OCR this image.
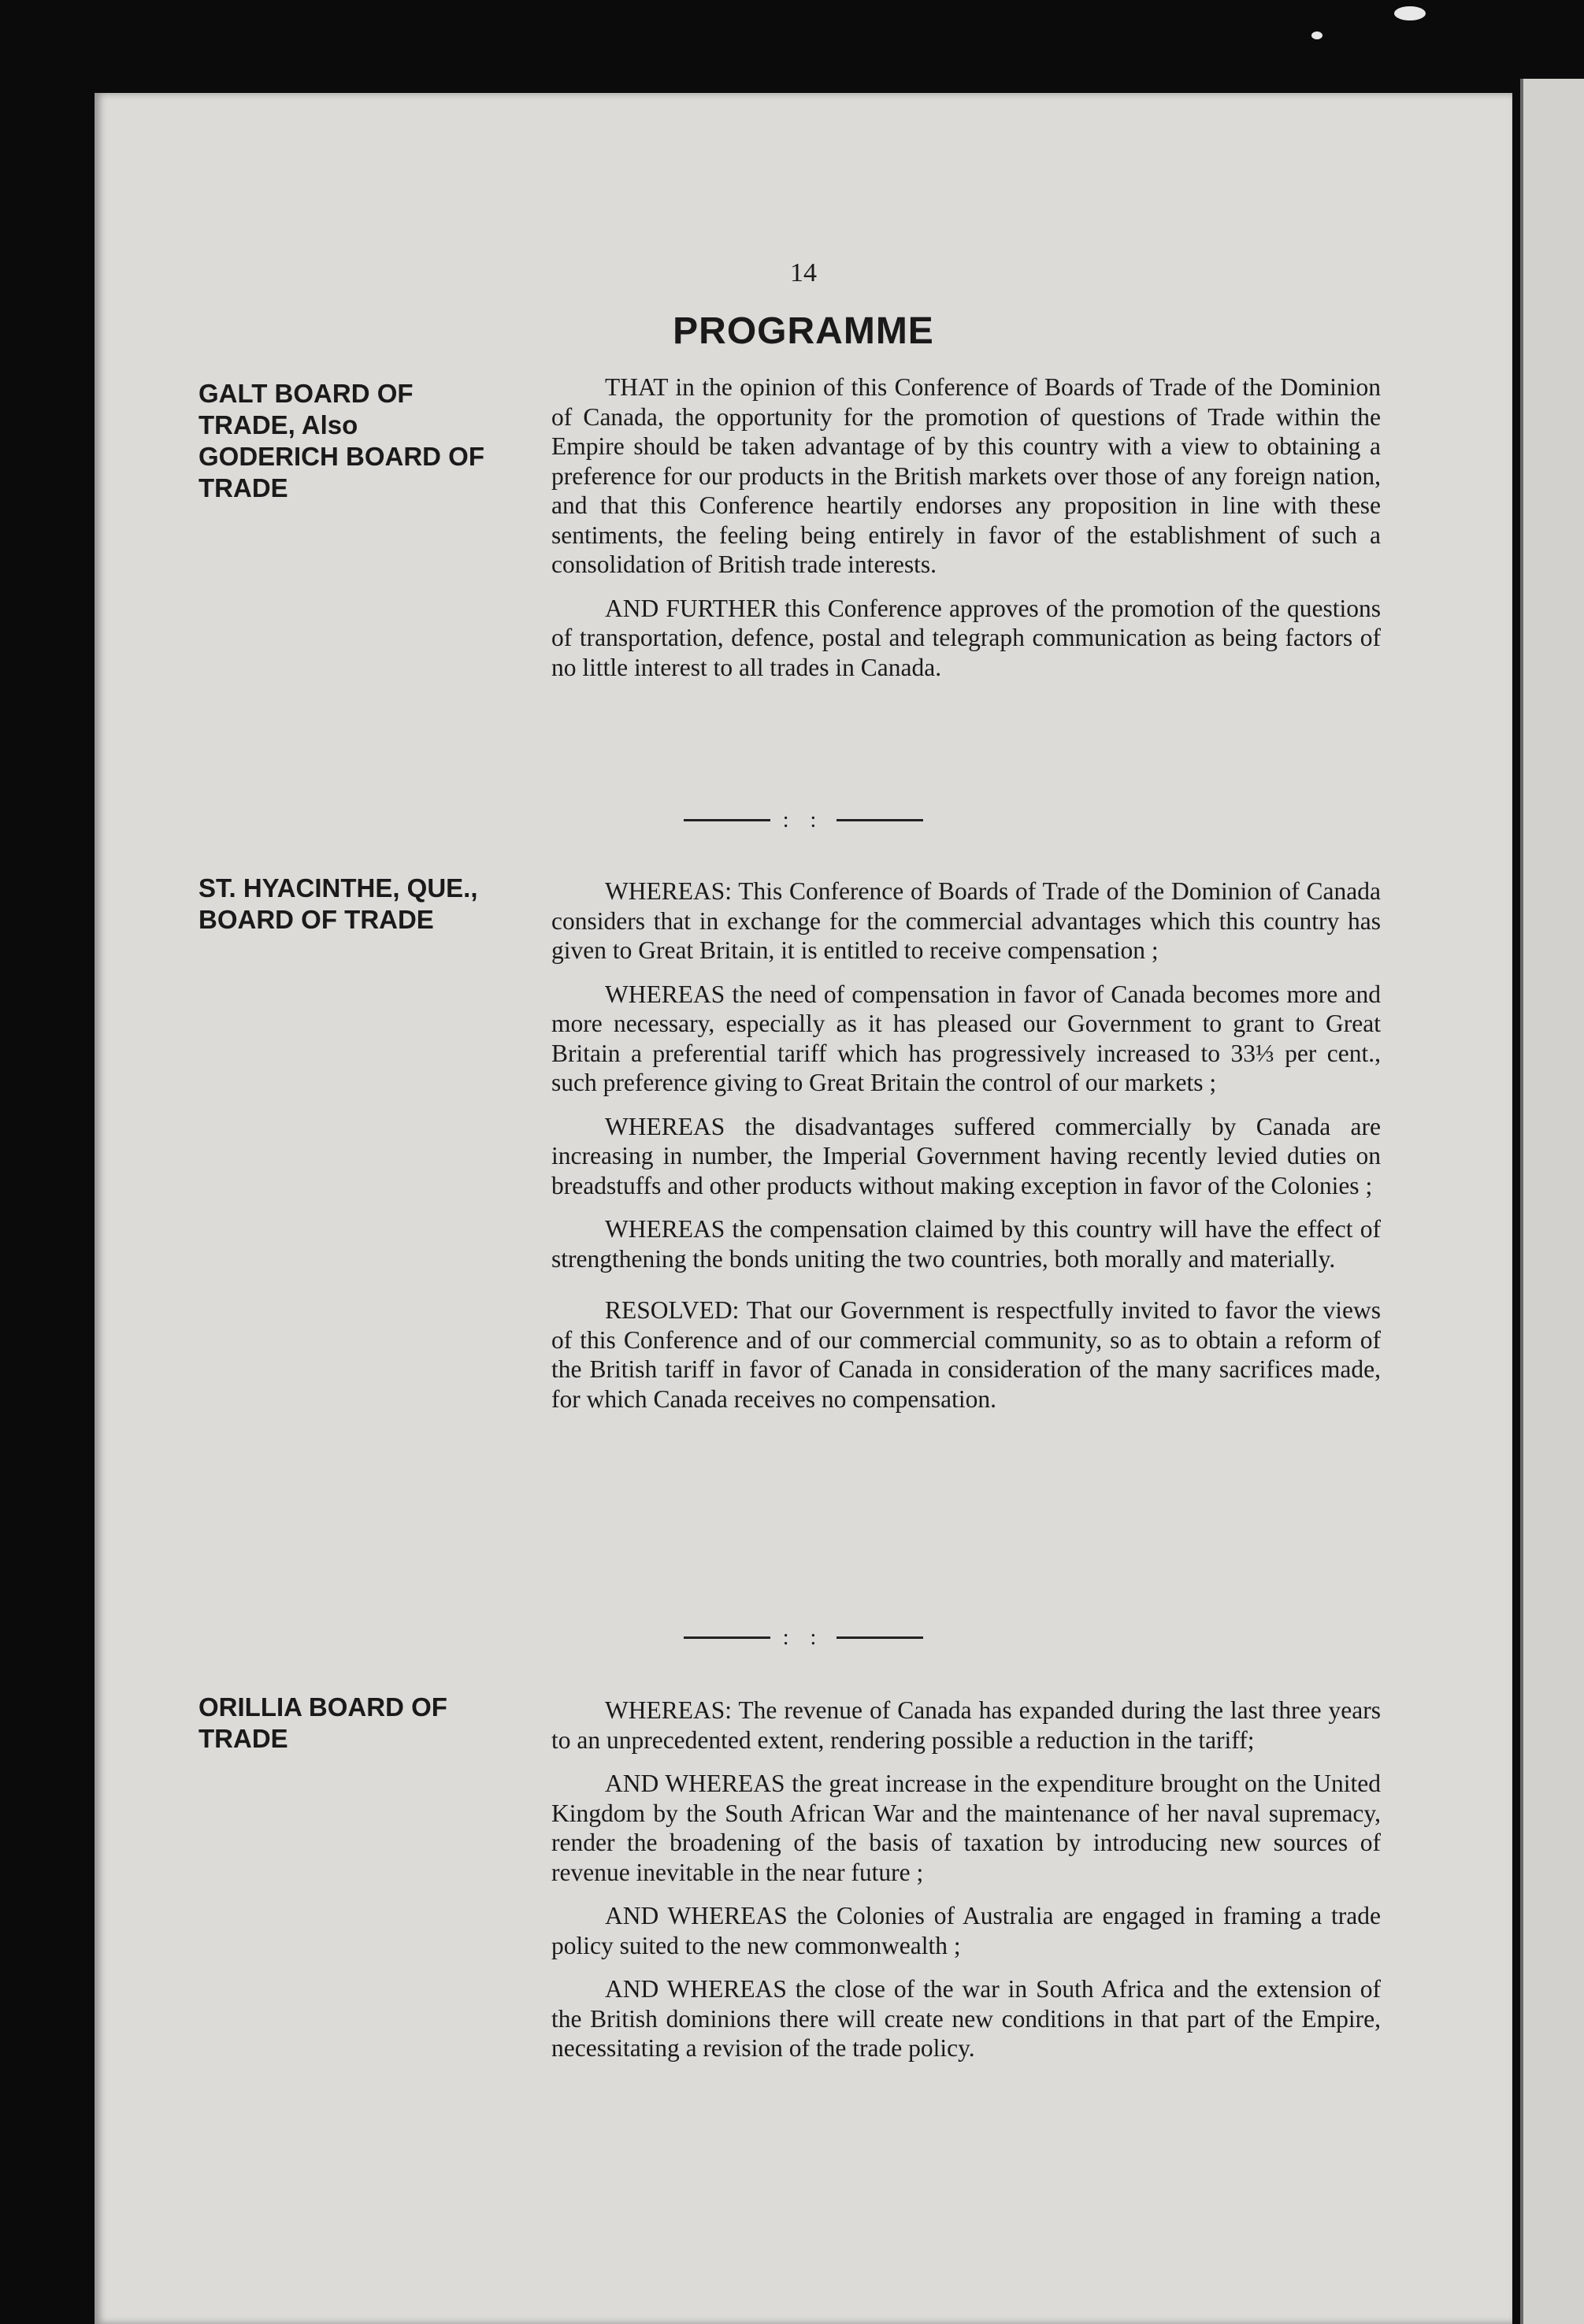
14
PROGRAMME
GALT BOARD OF
TRADE, Also
GODERICH BOARD OF
TRADE

THAT in the opinion of this Conference of Boards of Trade of the Dominion of Canada, the opportunity for the promotion of questions of Trade within the Empire should be taken advantage of by this country with a view to obtaining a preference for our products in the British markets over those of any foreign nation, and that this Conference heartily endorses any proposition in line with these sentiments, the feeling being entirely in favor of the establishment of such a consolidation of British trade interests.

AND FURTHER this Conference approves of the promotion of the questions of transportation, defence, postal and telegraph communication as being factors of no little interest to all trades in Canada.

: :
ST. HYACINTHE, QUE.,
BOARD OF TRADE

WHEREAS: This Conference of Boards of Trade of the Dominion of Canada considers that in exchange for the commercial advantages which this country has given to Great Britain, it is entitled to receive compensation ;

WHEREAS the need of compensation in favor of Canada becomes more and more necessary, especially as it has pleased our Government to grant to Great Britain a preferential tariff which has progressively increased to 33⅓ per cent., such preference giving to Great Britain the control of our markets ;

WHEREAS the disadvantages suffered commercially by Canada are increasing in number, the Imperial Government having recently levied duties on breadstuffs and other products without making exception in favor of the Colonies ;

WHEREAS the compensation claimed by this country will have the effect of strengthening the bonds uniting the two countries, both morally and materially.

RESOLVED: That our Government is respectfully invited to favor the views of this Conference and of our commercial community, so as to obtain a reform of the British tariff in favor of Canada in consideration of the many sacrifices made, for which Canada receives no compensation.

: :
ORILLIA BOARD OF
TRADE

WHEREAS: The revenue of Canada has expanded during the last three years to an unprecedented extent, rendering possible a reduction in the tariff;

AND WHEREAS the great increase in the expenditure brought on the United Kingdom by the South African War and the maintenance of her naval supremacy, render the broadening of the basis of taxation by introducing new sources of revenue inevitable in the near future ;

AND WHEREAS the Colonies of Australia are engaged in framing a trade policy suited to the new commonwealth ;

AND WHEREAS the close of the war in South Africa and the extension of the British dominions there will create new conditions in that part of the Empire, necessitating a revision of the trade policy.
